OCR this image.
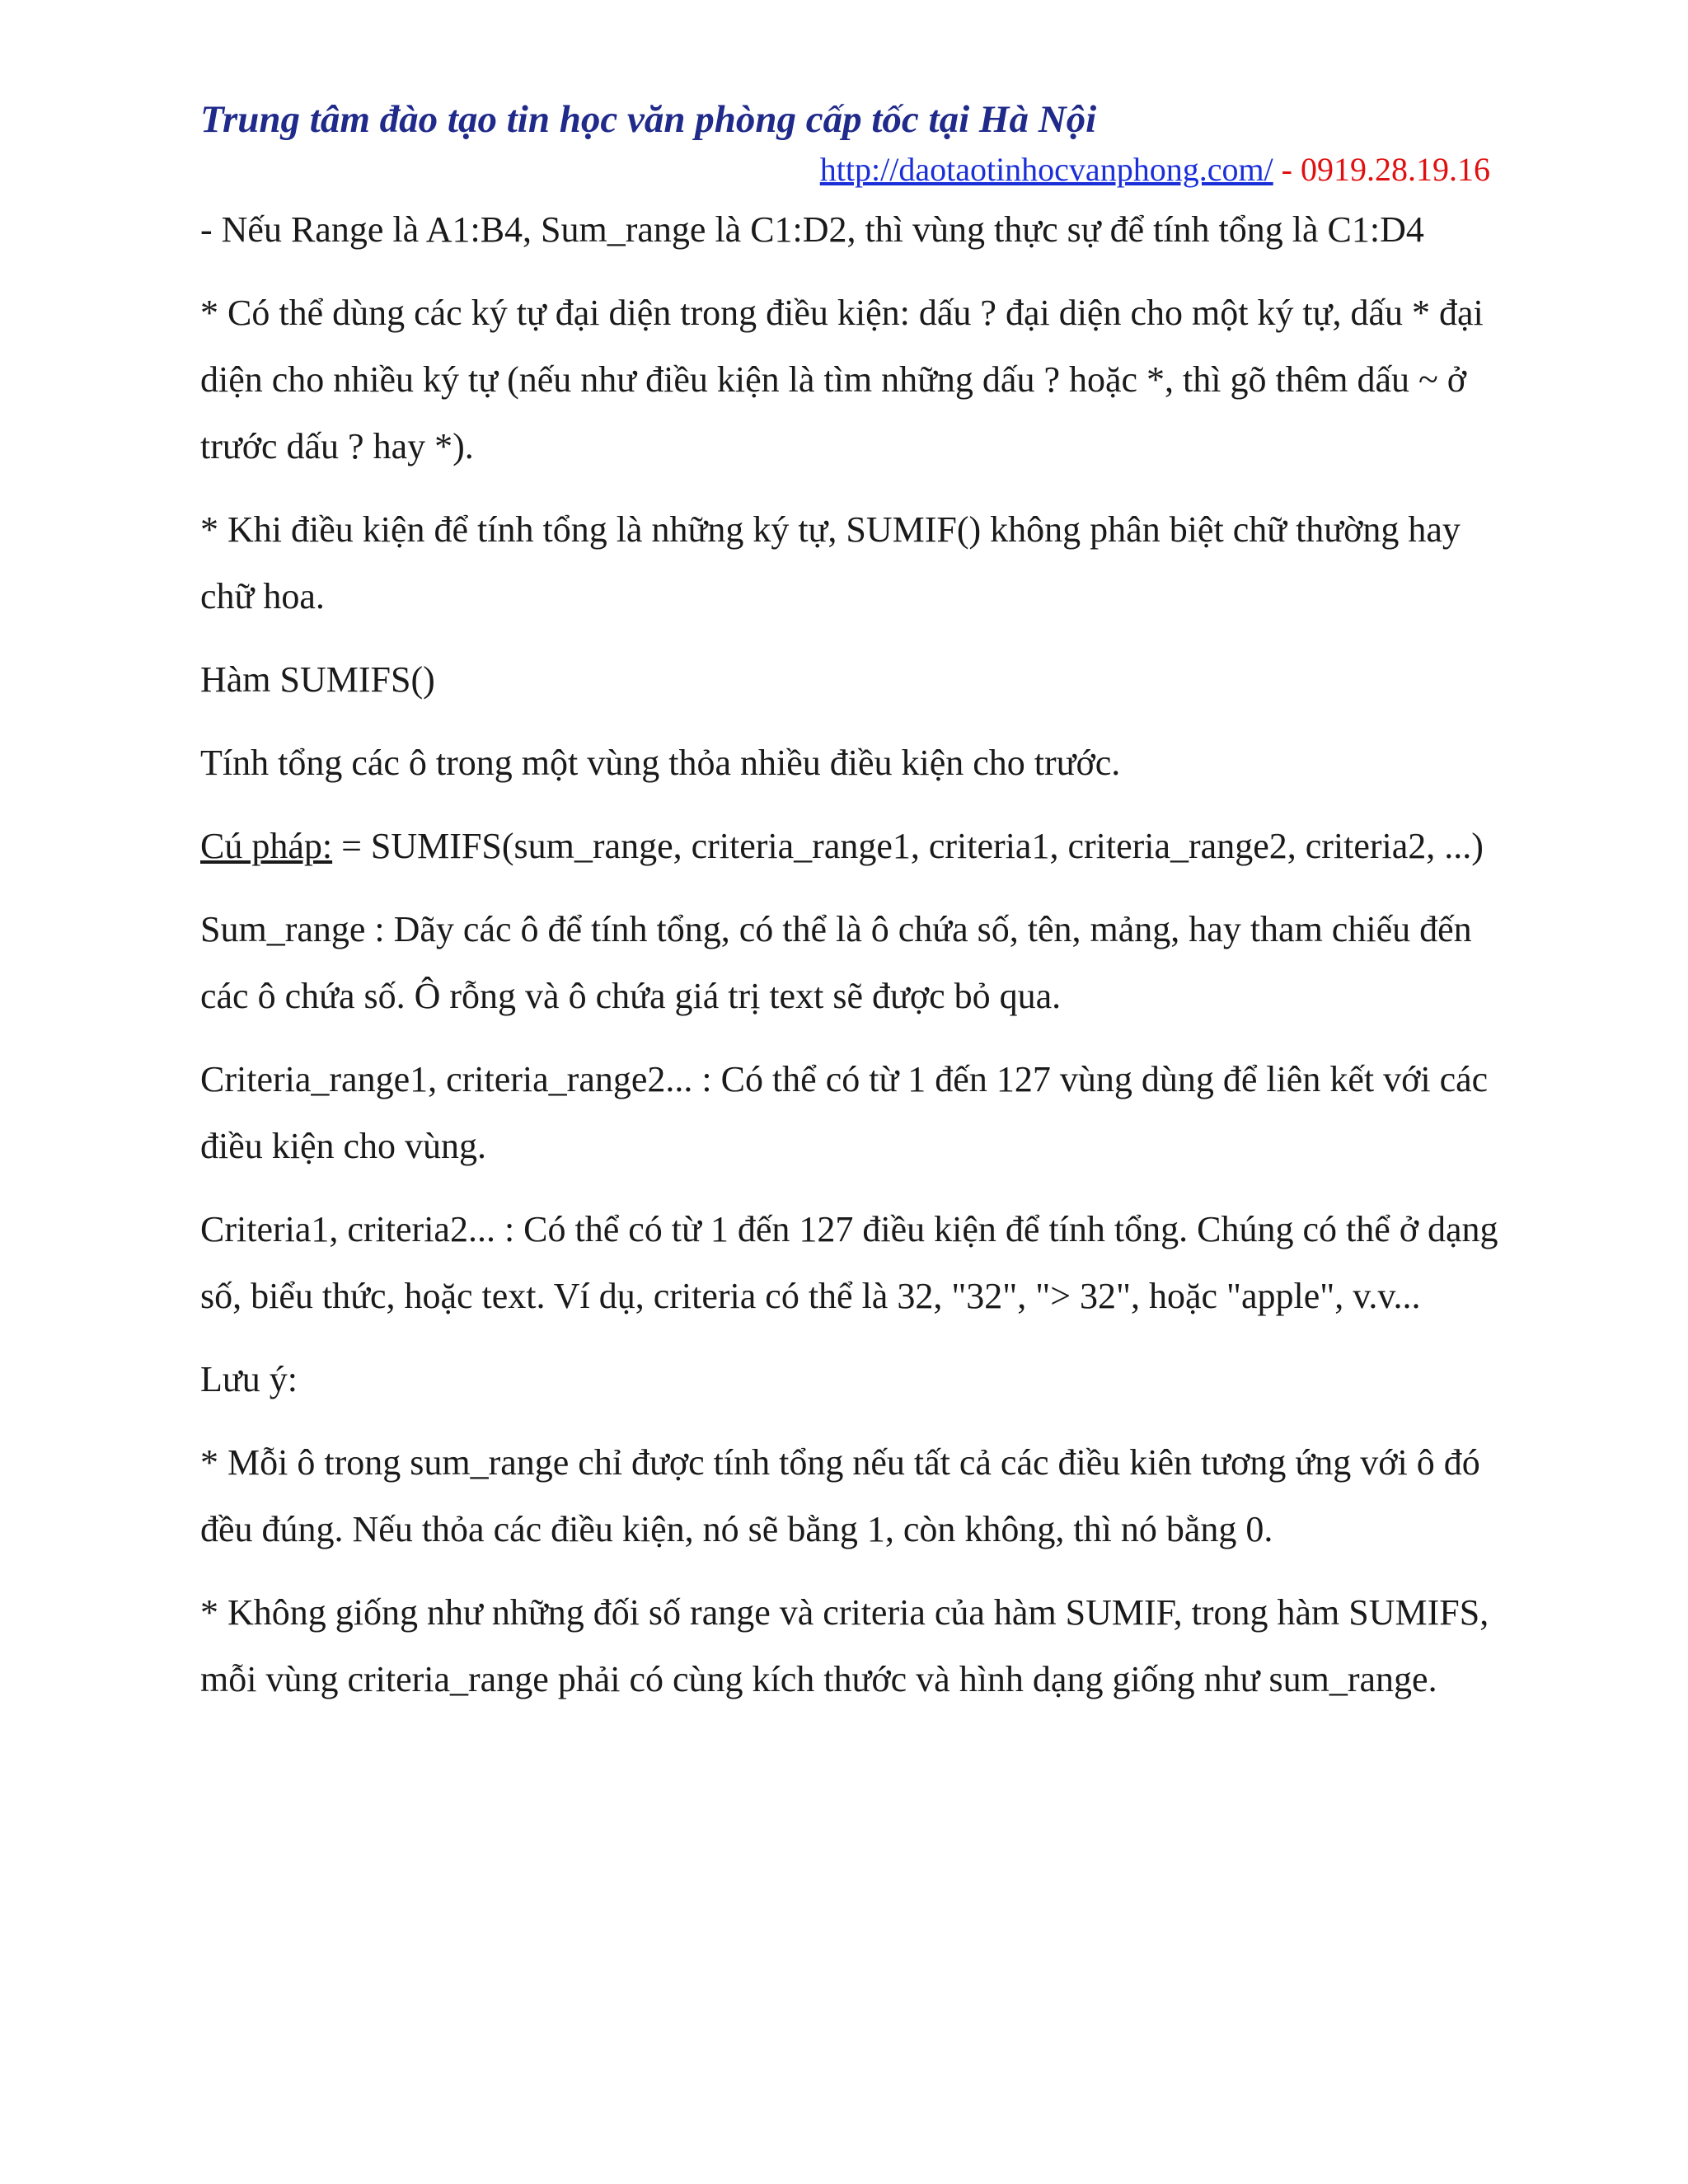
Trung tâm đào tạo tin học văn phòng cấp tốc tại Hà Nội
http://daotaotinhocvanphong.com/ - 0919.28.19.16

- Nếu Range là A1:B4, Sum_range là C1:D2, thì vùng thực sự để tính tổng là C1:D4

* Có thể dùng các ký tự đại diện trong điều kiện: dấu ? đại diện cho một ký tự, dấu * đại diện cho nhiều ký tự (nếu như điều kiện là tìm những dấu ? hoặc *, thì gõ thêm dấu ~ ở trước dấu ? hay *).

* Khi điều kiện để tính tổng là những ký tự, SUMIF() không phân biệt chữ thường hay chữ hoa.

Hàm SUMIFS()

Tính tổng các ô trong một vùng thỏa nhiều điều kiện cho trước.

Cú pháp: = SUMIFS(sum_range, criteria_range1, criteria1, criteria_range2, criteria2, ...)

Sum_range : Dãy các ô để tính tổng, có thể là ô chứa số, tên, mảng, hay tham chiếu đến các ô chứa số. Ô rỗng và ô chứa giá trị text sẽ được bỏ qua.

Criteria_range1, criteria_range2... : Có thể có từ 1 đến 127 vùng dùng để liên kết với các điều kiện cho vùng.

Criteria1, criteria2... : Có thể có từ 1 đến 127 điều kiện để tính tổng. Chúng có thể ở dạng số, biểu thức, hoặc text. Ví dụ, criteria có thể là 32, "32", "> 32", hoặc "apple", v.v...

Lưu ý:

* Mỗi ô trong sum_range chỉ được tính tổng nếu tất cả các điều kiên tương ứng với ô đó đều đúng. Nếu thỏa các điều kiện, nó sẽ bằng 1, còn không, thì nó bằng 0.

* Không giống như những đối số range và criteria của hàm SUMIF, trong hàm SUMIFS, mỗi vùng criteria_range phải có cùng kích thước và hình dạng giống như sum_range.
